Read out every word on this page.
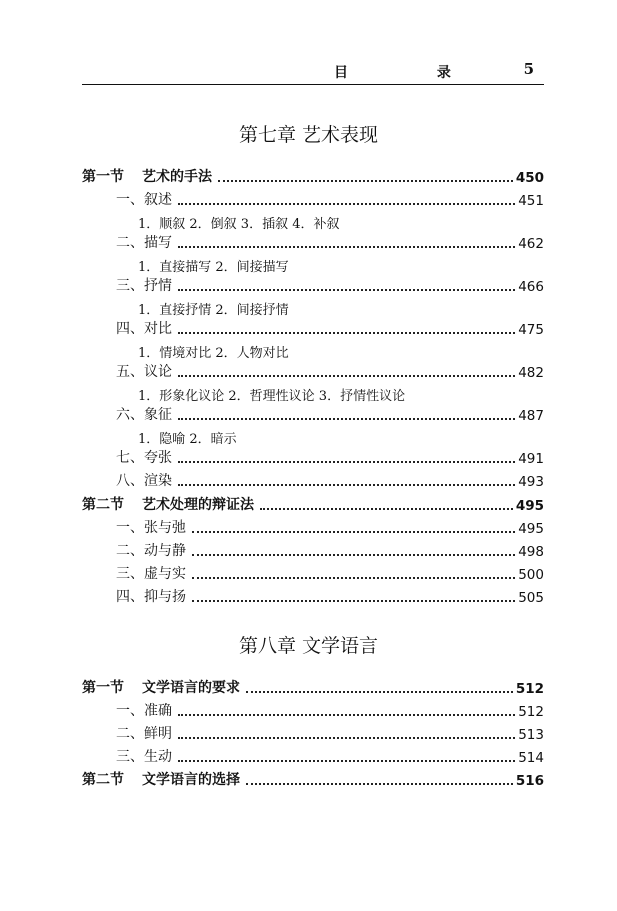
目 录 5
第七章 艺术表现
第一节 艺术的手法	450
一、叙述	451
1．顺叙 2．倒叙 3．插叙 4．补叙
二、描写	462
1．直接描写 2．间接描写
三、抒情	466
1．直接抒情 2．间接抒情
四、对比	475
1．情境对比 2．人物对比
五、议论	482
1．形象化议论 2．哲理性议论 3．抒情性议论
六、象征	487
1．隐喻 2．暗示
七、夸张	491
八、渲染	493
第二节 艺术处理的辩证法	495
一、张与弛	495
二、动与静	498
三、虚与实	500
四、抑与扬	505
第八章 文学语言
第一节 文学语言的要求	512
一、准确	512
二、鲜明	513
三、生动	514
第二节 文学语言的选择	516
